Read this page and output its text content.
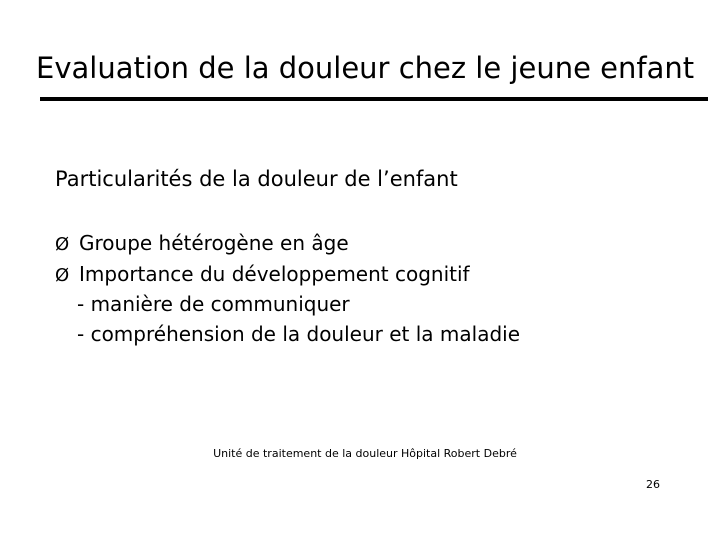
Evaluation de la douleur chez le jeune enfant
Particularités de la douleur de l’enfant
Ø Groupe hétérogène en âge
Ø Importance du développement cognitif
- manière de communiquer
- compréhension de la douleur et la maladie
Unité de traitement de la douleur Hôpital Robert Debré
26
